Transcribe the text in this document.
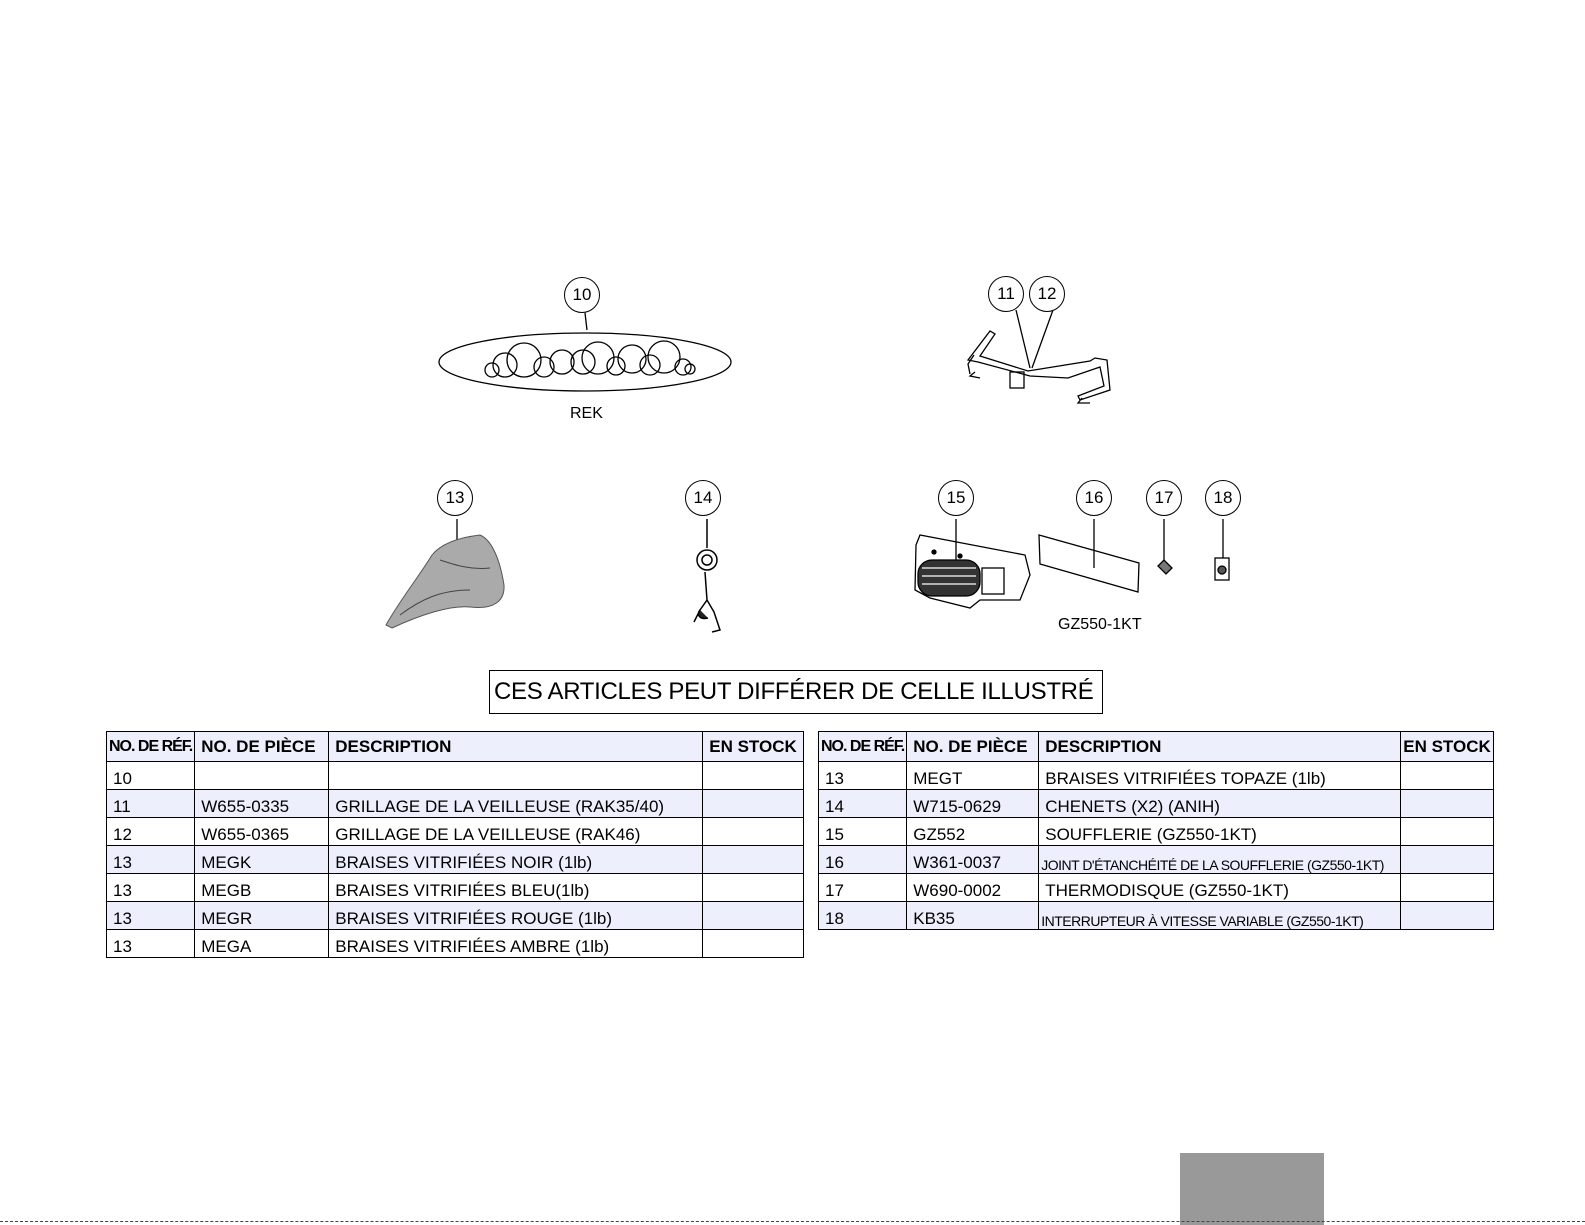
10	11	12
13	14	15	16	17	18
REK
GZ550-1KT
CES ARTICLES PEUT DIFFÉRER DE CELLE ILLUSTRÉ
NO. DE RÉF.	NO. DE PIÈCE	DESCRIPTION	EN STOCK
10			
11	W655-0335	GRILLAGE DE LA VEILLEUSE (RAK35/40)	
12	W655-0365	GRILLAGE DE LA VEILLEUSE (RAK46)	
13	MEGK	BRAISES VITRIFIÉES NOIR (1lb)	
13	MEGB	BRAISES VITRIFIÉES BLEU(1lb)	
13	MEGR	BRAISES VITRIFIÉES ROUGE (1lb)	
13	MEGA	BRAISES VITRIFIÉES AMBRE (1lb)	
NO. DE RÉF.	NO. DE PIÈCE	DESCRIPTION	EN STOCK
13	MEGT	BRAISES VITRIFIÉES TOPAZE (1lb)	
14	W715-0629	CHENETS (X2) (ANIH)	
15	GZ552	SOUFFLERIE (GZ550-1KT)	
16	W361-0037	JOINT D'ÉTANCHÉITÉ DE LA SOUFFLERIE (GZ550-1KT)	
17	W690-0002	THERMODISQUE (GZ550-1KT)	
18	KB35	INTERRUPTEUR À VITESSE VARIABLE (GZ550-1KT)	
